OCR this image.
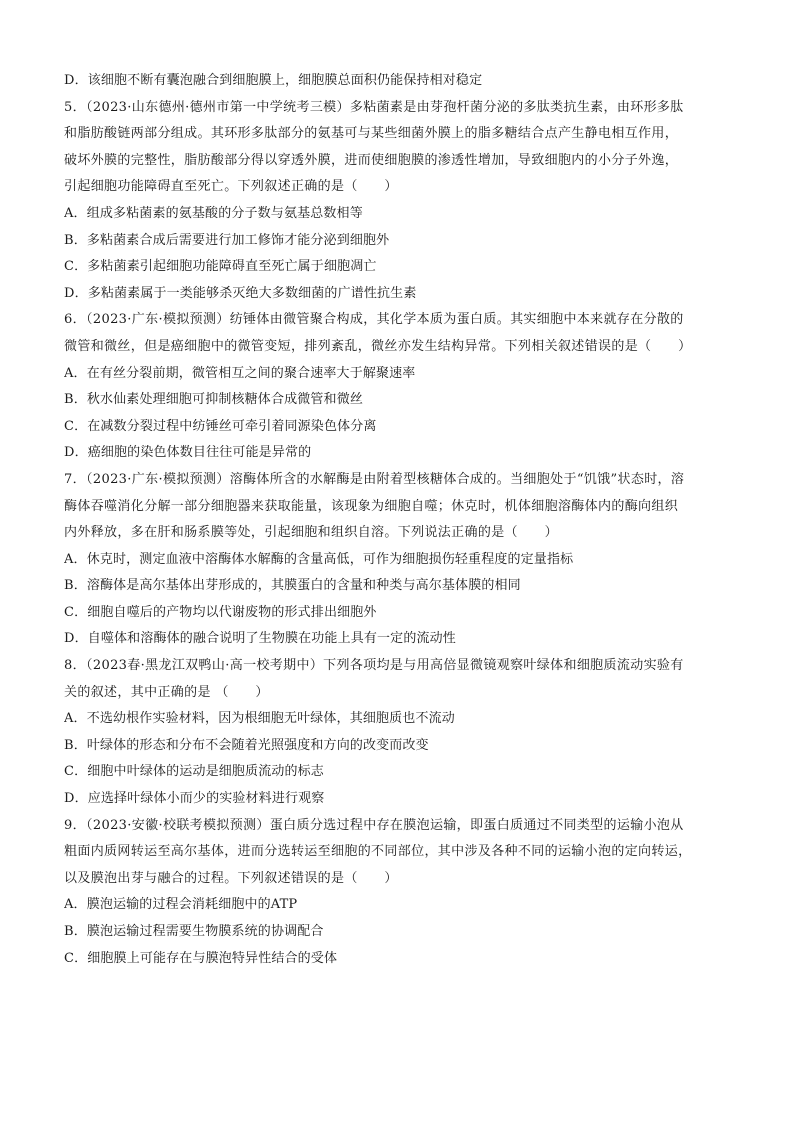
D．该细胞不断有囊泡融合到细胞膜上，细胞膜总面积仍能保持相对稳定
5．（2023·山东德州·德州市第一中学统考三模）多粘菌素是由芽孢杆菌分泌的多肽类抗生素，由环形多肽
和脂肪酸链两部分组成。其环形多肽部分的氨基可与某些细菌外膜上的脂多糖结合点产生静电相互作用，
破坏外膜的完整性，脂肪酸部分得以穿透外膜，进而使细胞膜的渗透性增加，导致细胞内的小分子外逸，
引起细胞功能障碍直至死亡。下列叙述正确的是（　　）
A．组成多粘菌素的氨基酸的分子数与氨基总数相等
B．多粘菌素合成后需要进行加工修饰才能分泌到细胞外
C．多粘菌素引起细胞功能障碍直至死亡属于细胞凋亡
D．多粘菌素属于一类能够杀灭绝大多数细菌的广谱性抗生素
6．（2023·广东·模拟预测）纺锤体由微管聚合构成，其化学本质为蛋白质。其实细胞中本来就存在分散的
微管和微丝，但是癌细胞中的微管变短，排列紊乱，微丝亦发生结构异常。下列相关叙述错误的是（　　）
A．在有丝分裂前期，微管相互之间的聚合速率大于解聚速率
B．秋水仙素处理细胞可抑制核糖体合成微管和微丝
C．在减数分裂过程中纺锤丝可牵引着同源染色体分离
D．癌细胞的染色体数目往往可能是异常的
7．（2023·广东·模拟预测）溶酶体所含的水解酶是由附着型核糖体合成的。当细胞处于“饥饿”状态时，溶
酶体吞噬消化分解一部分细胞器来获取能量，该现象为细胞自噬；休克时，机体细胞溶酶体内的酶向组织
内外释放，多在肝和肠系膜等处，引起细胞和组织自溶。下列说法正确的是（　　）
A．休克时，测定血液中溶酶体水解酶的含量高低，可作为细胞损伤轻重程度的定量指标
B．溶酶体是高尔基体出芽形成的，其膜蛋白的含量和种类与高尔基体膜的相同
C．细胞自噬后的产物均以代谢废物的形式排出细胞外
D．自噬体和溶酶体的融合说明了生物膜在功能上具有一定的流动性
8．（2023春·黑龙江双鸭山·高一校考期中）下列各项均是与用高倍显微镜观察叶绿体和细胞质流动实验有
关的叙述，其中正确的是 （　　）
A．不选幼根作实验材料，因为根细胞无叶绿体，其细胞质也不流动
B．叶绿体的形态和分布不会随着光照强度和方向的改变而改变
C．细胞中叶绿体的运动是细胞质流动的标志
D．应选择叶绿体小而少的实验材料进行观察
9．（2023·安徽·校联考模拟预测）蛋白质分选过程中存在膜泡运输，即蛋白质通过不同类型的运输小泡从
粗面内质网转运至高尔基体，进而分选转运至细胞的不同部位，其中涉及各种不同的运输小泡的定向转运，
以及膜泡出芽与融合的过程。下列叙述错误的是（　　）
A．膜泡运输的过程会消耗细胞中的ATP
B．膜泡运输过程需要生物膜系统的协调配合
C．细胞膜上可能存在与膜泡特异性结合的受体
